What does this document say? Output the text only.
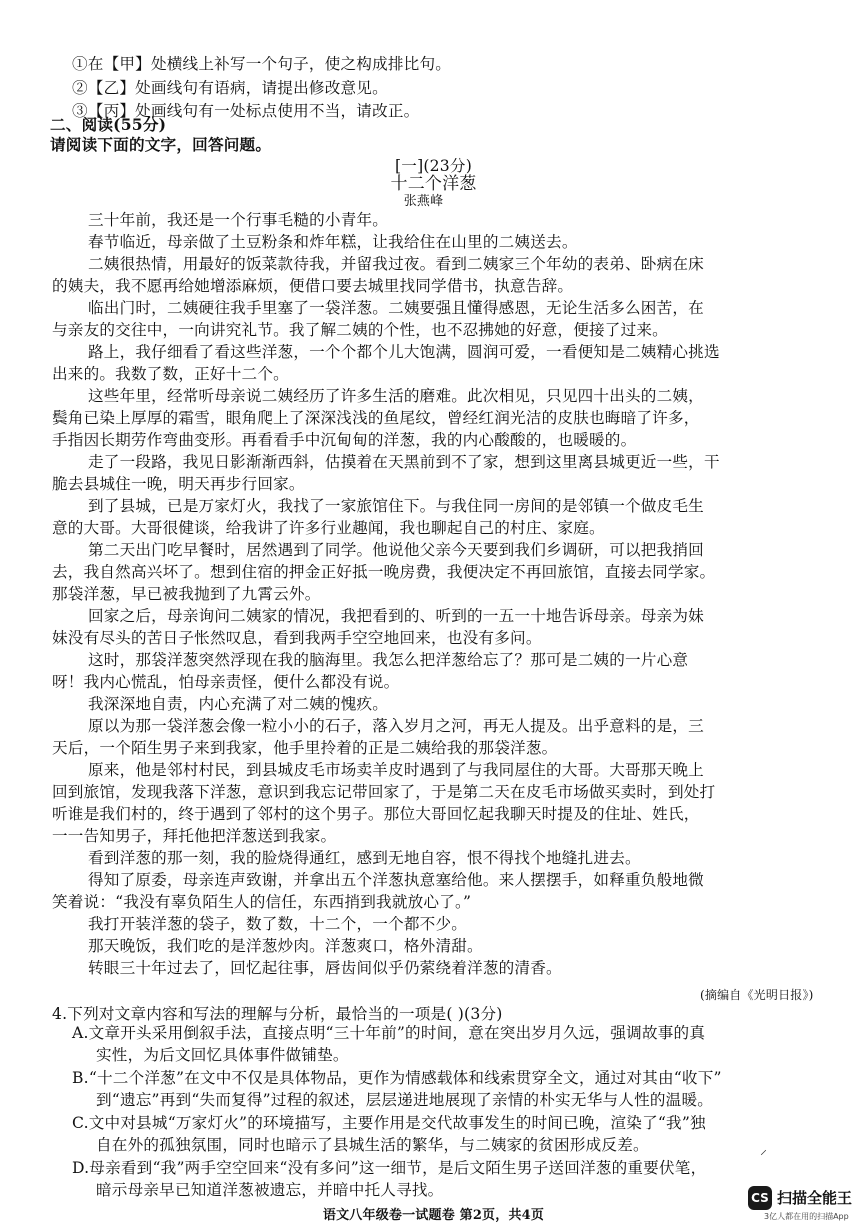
①在【甲】处横线上补写一个句子，使之构成排比句。
②【乙】处画线句有语病，请提出修改意见。
③【丙】处画线句有一处标点使用不当，请改正。
二、阅读(55分)
请阅读下面的文字，回答问题。
[一](23分)
十二个洋葱
张燕峰
三十年前，我还是一个行事毛糙的小青年。
春节临近，母亲做了土豆粉条和炸年糕，让我给住在山里的二姨送去。
二姨很热情，用最好的饭菜款待我，并留我过夜。看到二姨家三个年幼的表弟、卧病在床
的姨夫，我不愿再给她增添麻烦，便借口要去城里找同学借书，执意告辞。
临出门时，二姨硬往我手里塞了一袋洋葱。二姨要强且懂得感恩，无论生活多么困苦，在
与亲友的交往中，一向讲究礼节。我了解二姨的个性，也不忍拂她的好意，便接了过来。
路上，我仔细看了看这些洋葱，一个个都个儿大饱满，圆润可爱，一看便知是二姨精心挑选
出来的。我数了数，正好十二个。
这些年里，经常听母亲说二姨经历了许多生活的磨难。此次相见，只见四十出头的二姨，
鬓角已染上厚厚的霜雪，眼角爬上了深深浅浅的鱼尾纹，曾经红润光洁的皮肤也晦暗了许多，
手指因长期劳作弯曲变形。再看看手中沉甸甸的洋葱，我的内心酸酸的，也暖暖的。
走了一段路，我见日影渐渐西斜，估摸着在天黑前到不了家，想到这里离县城更近一些，干
脆去县城住一晚，明天再步行回家。
到了县城，已是万家灯火，我找了一家旅馆住下。与我住同一房间的是邻镇一个做皮毛生
意的大哥。大哥很健谈，给我讲了许多行业趣闻，我也聊起自己的村庄、家庭。
第二天出门吃早餐时，居然遇到了同学。他说他父亲今天要到我们乡调研，可以把我捎回
去，我自然高兴坏了。想到住宿的押金正好抵一晚房费，我便决定不再回旅馆，直接去同学家。
那袋洋葱，早已被我抛到了九霄云外。
回家之后，母亲询问二姨家的情况，我把看到的、听到的一五一十地告诉母亲。母亲为妹
妹没有尽头的苦日子怅然叹息，看到我两手空空地回来，也没有多问。
这时，那袋洋葱突然浮现在我的脑海里。我怎么把洋葱给忘了？那可是二姨的一片心意
呀！我内心慌乱，怕母亲责怪，便什么都没有说。
我深深地自责，内心充满了对二姨的愧疚。
原以为那一袋洋葱会像一粒小小的石子，落入岁月之河，再无人提及。出乎意料的是，三
天后，一个陌生男子来到我家，他手里拎着的正是二姨给我的那袋洋葱。
原来，他是邻村村民，到县城皮毛市场卖羊皮时遇到了与我同屋住的大哥。大哥那天晚上
回到旅馆，发现我落下洋葱，意识到我忘记带回家了，于是第二天在皮毛市场做买卖时，到处打
听谁是我们村的，终于遇到了邻村的这个男子。那位大哥回忆起我聊天时提及的住址、姓氏，
一一告知男子，拜托他把洋葱送到我家。
看到洋葱的那一刻，我的脸烧得通红，感到无地自容，恨不得找个地缝扎进去。
得知了原委，母亲连声致谢，并拿出五个洋葱执意塞给他。来人摆摆手，如释重负般地微
笑着说：“我没有辜负陌生人的信任，东西捎到我就放心了。”
我打开装洋葱的袋子，数了数，十二个，一个都不少。
那天晚饭，我们吃的是洋葱炒肉。洋葱爽口，格外清甜。
转眼三十年过去了，回忆起往事，唇齿间似乎仍萦绕着洋葱的清香。
(摘编自《光明日报》)
4.下列对文章内容和写法的理解与分析，最恰当的一项是( )(3分)
A.文章开头采用倒叙手法，直接点明“三十年前”的时间，意在突出岁月久远，强调故事的真
实性，为后文回忆具体事件做铺垫。
B.“十二个洋葱”在文中不仅是具体物品，更作为情感载体和线索贯穿全文，通过对其由“收下”
到“遗忘”再到“失而复得”过程的叙述，层层递进地展现了亲情的朴实无华与人性的温暖。
C.文中对县城“万家灯火”的环境描写，主要作用是交代故事发生的时间已晚，渲染了“我”独
自在外的孤独氛围，同时也暗示了县城生活的繁华，与二姨家的贫困形成反差。
D.母亲看到“我”两手空空回来“没有多问”这一细节，是后文陌生男子送回洋葱的重要伏笔，
暗示母亲早已知道洋葱被遗忘，并暗中托人寻找。
语文八年级卷一试题卷 第2页，共4页
⸝
CS 扫描全能王
3亿人都在用的扫描App
